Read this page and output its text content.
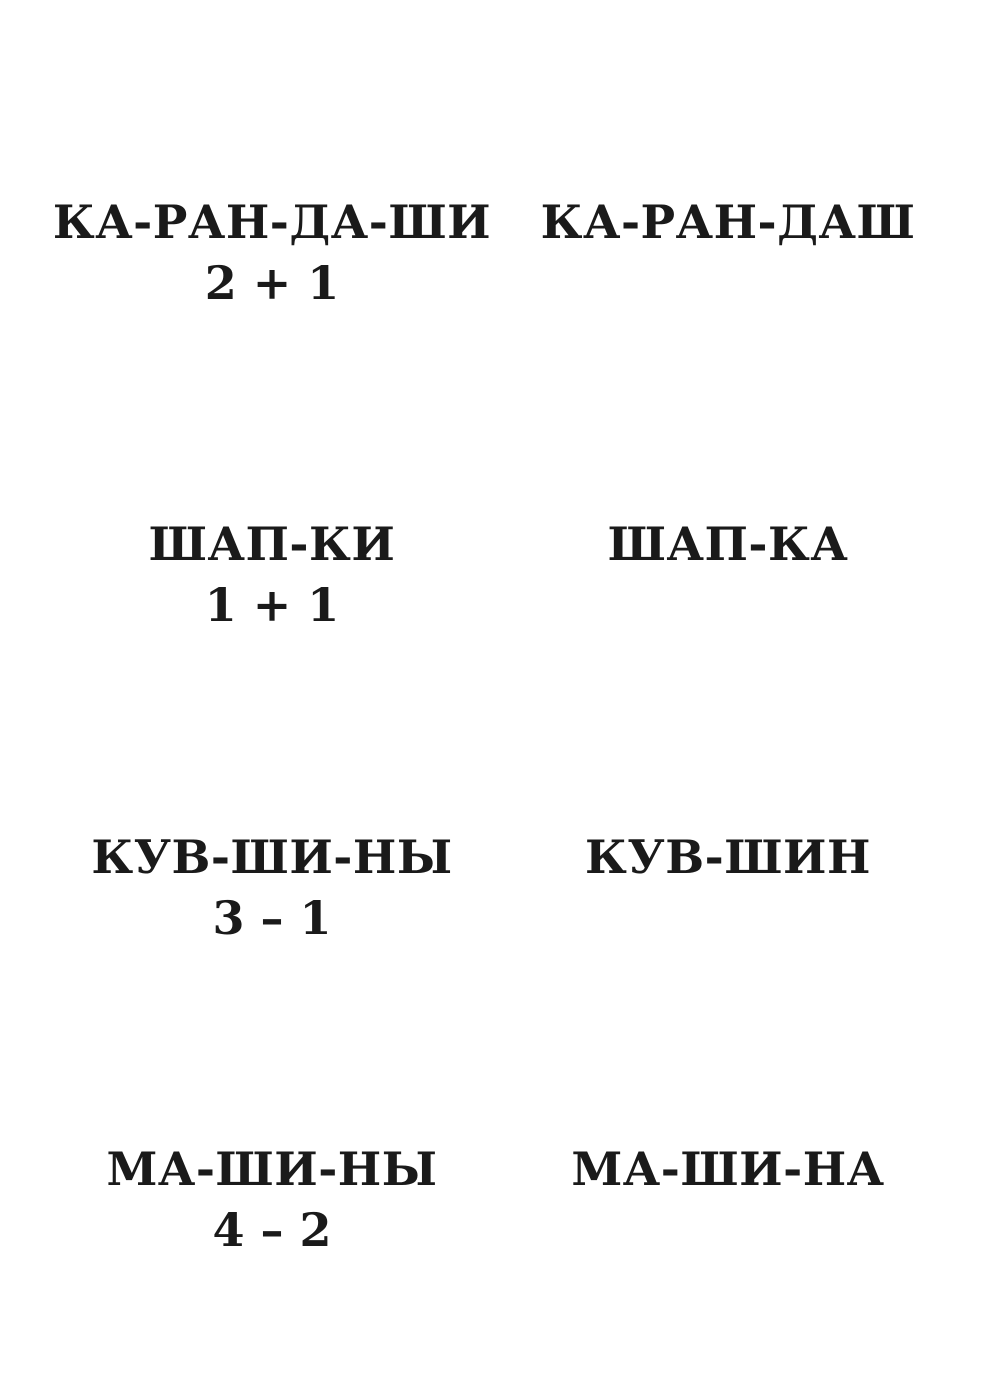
КА-РАН-ДА-ШИ
2 + 1
КА-РАН-ДАШ
ШАП-КИ
1 + 1
ШАП-КА
КУВ-ШИ-НЫ
3 – 1
КУВ-ШИН
МА-ШИ-НЫ
4 – 2
МА-ШИ-НА
